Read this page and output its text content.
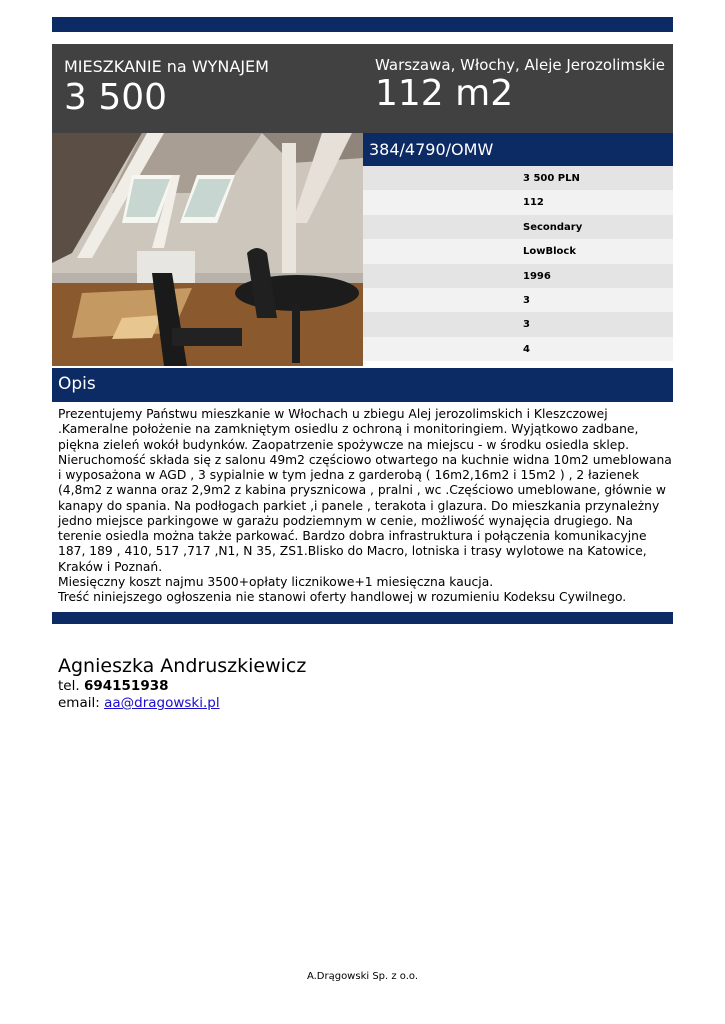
MIESZKANIE na WYNAJEM
3 500
Warszawa, Włochy, Aleje Jerozolimskie
112 m2
384/4790/OMW
3 500 PLN
112
Secondary
LowBlock
1996
3
3
4
Opis

Prezentujemy Państwu mieszkanie w Włochach u zbiegu Alej jerozolimskich i Kleszczowej

.Kameralne położenie na zamkniętym osiedlu z ochroną i monitoringiem. Wyjątkowo zadbane,

piękna zieleń wokół budynków. Zaopatrzenie spożywcze na miejscu - w środku osiedla sklep.

Nieruchomość składa się z salonu 49m2 częściowo otwartego na kuchnie widna 10m2 umeblowana

i wyposażona w AGD , 3 sypialnie w tym jedna z garderobą ( 16m2,16m2 i 15m2 ) , 2 łazienek

(4,8m2 z wanna oraz 2,9m2 z kabina prysznicowa , pralni , wc .Częściowo umeblowane, głównie w

kanapy do spania. Na podłogach parkiet ,i panele , terakota i glazura. Do mieszkania przynależny

jedno miejsce parkingowe w garażu podziemnym w cenie, możliwość wynajęcia drugiego. Na

terenie osiedla można także parkować. Bardzo dobra infrastruktura i połączenia komunikacyjne

187, 189 , 410, 517 ,717 ,N1, N 35, ZS1.Blisko do Macro, lotniska i trasy wylotowe na Katowice,

Kraków i Poznań.

Miesięczny koszt najmu 3500+opłaty licznikowe+1 miesięczna kaucja.

Treść niniejszego ogłoszenia nie stanowi oferty handlowej w rozumieniu Kodeksu Cywilnego.

Agnieszka Andruszkiewicz
tel. 694151938
email: aa@dragowski.pl
A.Drągowski Sp. z o.o.
